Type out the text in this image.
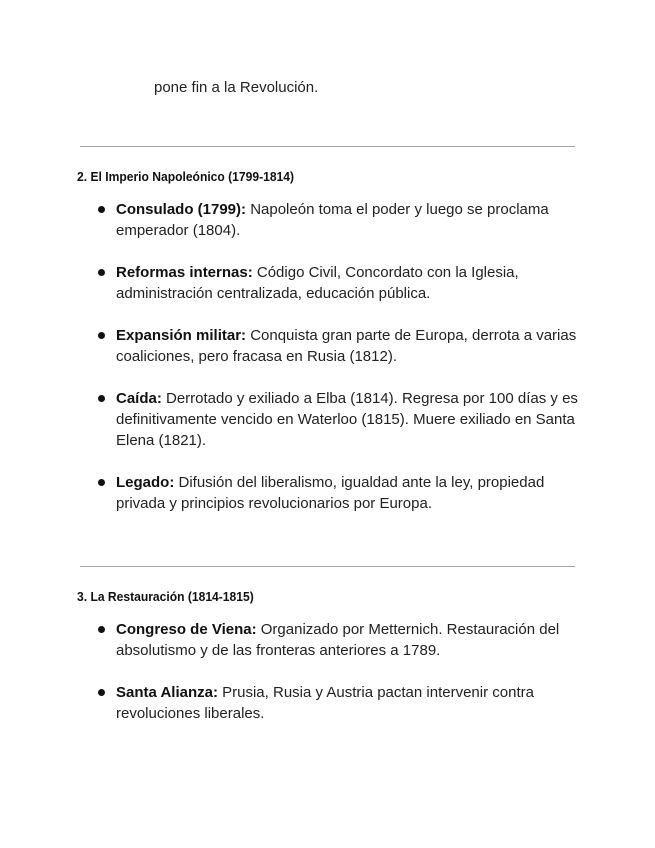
pone fin a la Revolución.
2. El Imperio Napoleónico (1799-1814)
Consulado (1799): Napoleón toma el poder y luego se proclama emperador (1804).
Reformas internas: Código Civil, Concordato con la Iglesia, administración centralizada, educación pública.
Expansión militar: Conquista gran parte de Europa, derrota a varias coaliciones, pero fracasa en Rusia (1812).
Caída: Derrotado y exiliado a Elba (1814). Regresa por 100 días y es definitivamente vencido en Waterloo (1815). Muere exiliado en Santa Elena (1821).
Legado: Difusión del liberalismo, igualdad ante la ley, propiedad privada y principios revolucionarios por Europa.
3. La Restauración (1814-1815)
Congreso de Viena: Organizado por Metternich. Restauración del absolutismo y de las fronteras anteriores a 1789.
Santa Alianza: Prusia, Rusia y Austria pactan intervenir contra revoluciones liberales.
